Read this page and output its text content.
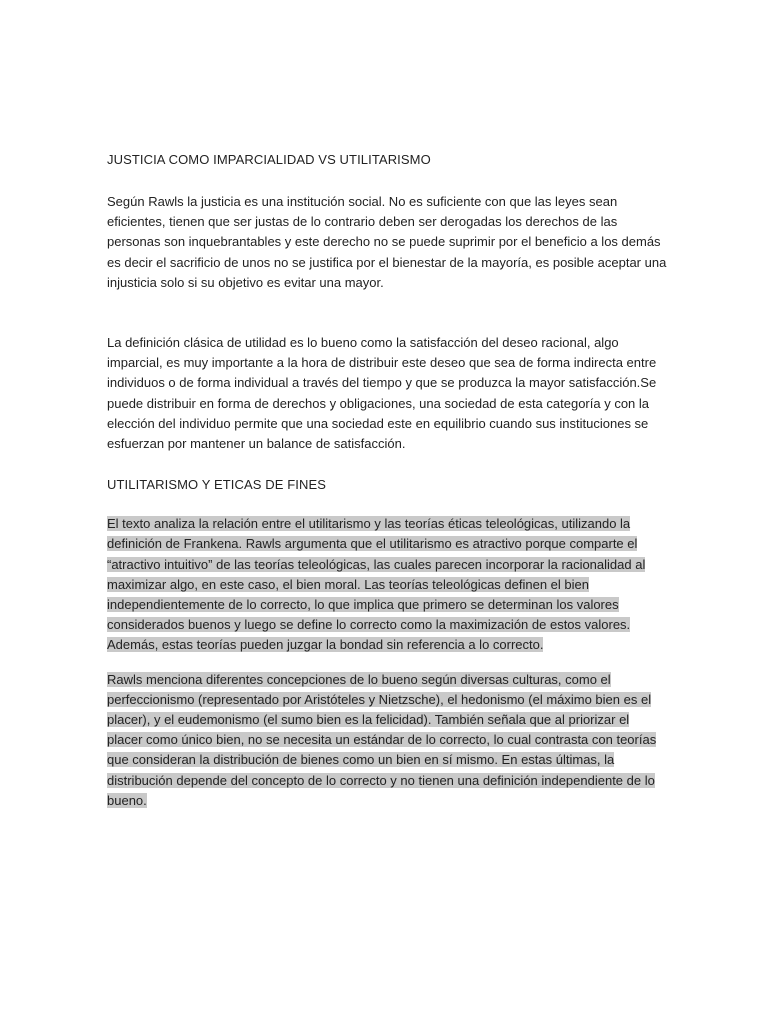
JUSTICIA COMO IMPARCIALIDAD VS UTILITARISMO

Según Rawls la justicia es una institución social. No es suficiente con que las leyes sean eficientes, tienen que ser justas de lo contrario deben ser derogadas los derechos de las personas son inquebrantables y este derecho no se puede suprimir por el beneficio a los demás es decir el sacrificio de unos no se justifica por el bienestar de la mayoría, es posible aceptar una injusticia solo si su objetivo es evitar una mayor.

La definición clásica de utilidad es lo bueno como la satisfacción del deseo racional, algo imparcial, es muy importante a la hora de distribuir este deseo que sea de forma indirecta entre individuos o de forma individual a través del tiempo y que se produzca la mayor satisfacción.Se puede distribuir en forma de derechos y obligaciones, una sociedad de esta categoría y con la elección del individuo permite que una sociedad este en equilibrio cuando sus instituciones se esfuerzan por mantener un balance de satisfacción.

UTILITARISMO Y ETICAS DE FINES

El texto analiza la relación entre el utilitarismo y las teorías éticas teleológicas, utilizando la definición de Frankena. Rawls argumenta que el utilitarismo es atractivo porque comparte el “atractivo intuitivo” de las teorías teleológicas, las cuales parecen incorporar la racionalidad al maximizar algo, en este caso, el bien moral. Las teorías teleológicas definen el bien independientemente de lo correcto, lo que implica que primero se determinan los valores considerados buenos y luego se define lo correcto como la maximización de estos valores. Además, estas teorías pueden juzgar la bondad sin referencia a lo correcto.

Rawls menciona diferentes concepciones de lo bueno según diversas culturas, como el perfeccionismo (representado por Aristóteles y Nietzsche), el hedonismo (el máximo bien es el placer), y el eudemonismo (el sumo bien es la felicidad). También señala que al priorizar el placer como único bien, no se necesita un estándar de lo correcto, lo cual contrasta con teorías que consideran la distribución de bienes como un bien en sí mismo. En estas últimas, la distribución depende del concepto de lo correcto y no tienen una definición independiente de lo bueno.
